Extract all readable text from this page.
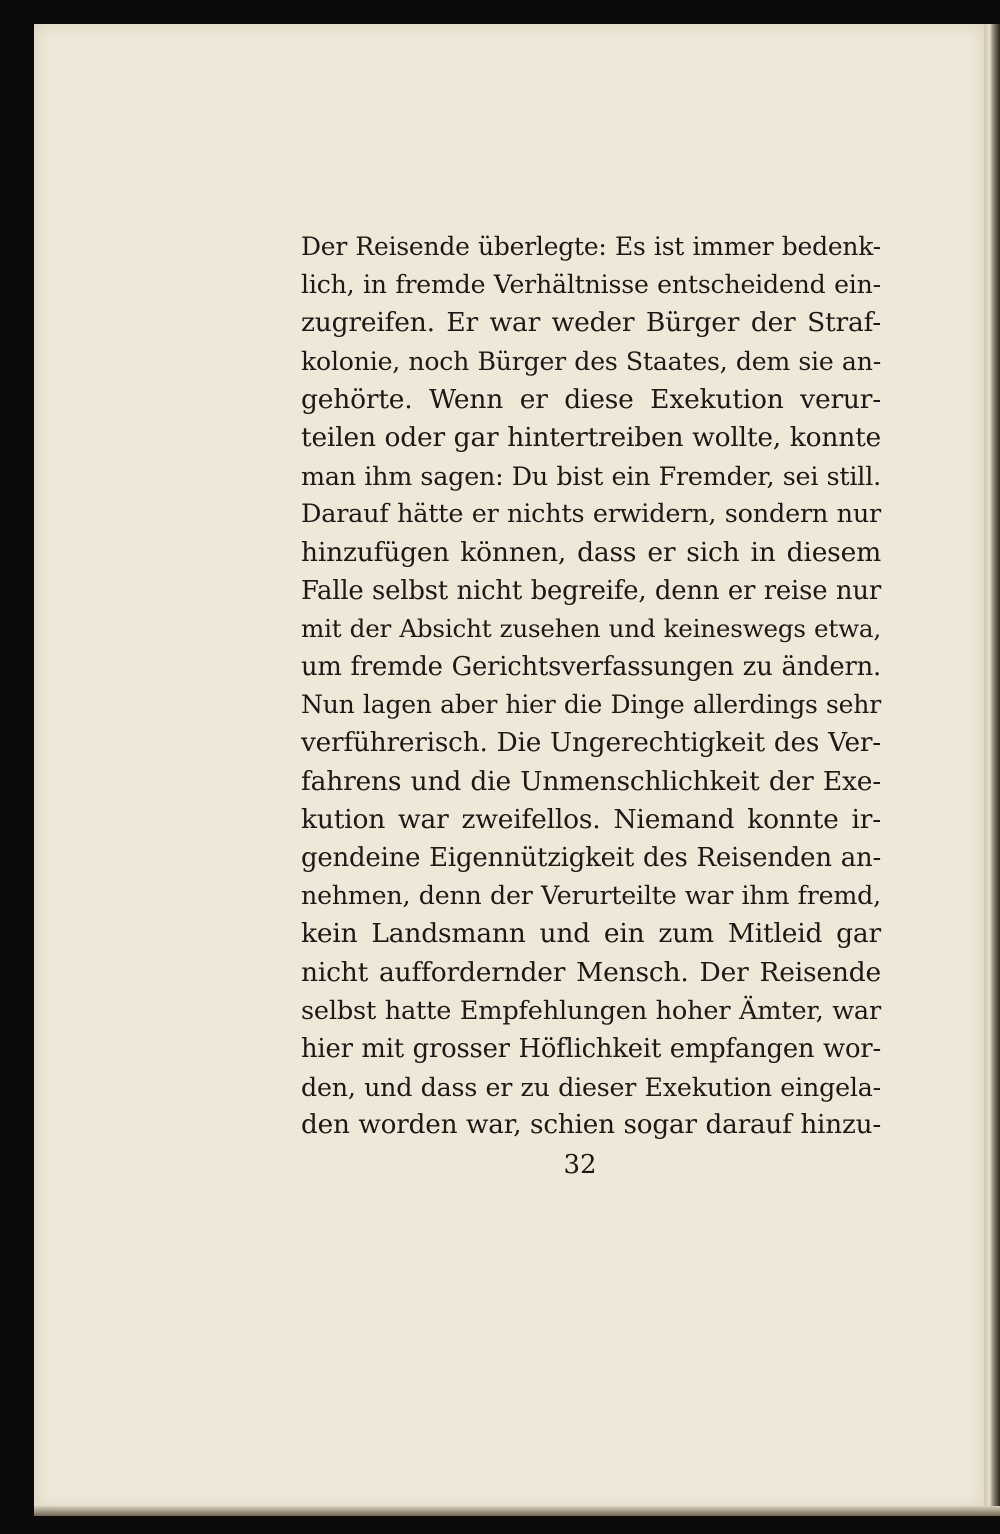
Der Reisende überlegte: Es ist immer bedenk-
lich, in fremde Verhältnisse entscheidend ein-
zugreifen. Er war weder Bürger der Straf-
kolonie, noch Bürger des Staates, dem sie an-
gehörte. Wenn er diese Exekution verur-
teilen oder gar hintertreiben wollte, konnte
man ihm sagen: Du bist ein Fremder, sei still.
Darauf hätte er nichts erwidern, sondern nur
hinzufügen können, dass er sich in diesem
Falle selbst nicht begreife, denn er reise nur
mit der Absicht zusehen und keineswegs etwa,
um fremde Gerichtsverfassungen zu ändern.
Nun lagen aber hier die Dinge allerdings sehr
verführerisch. Die Ungerechtigkeit des Ver-
fahrens und die Unmenschlichkeit der Exe-
kution war zweifellos. Niemand konnte ir-
gendeine Eigennützigkeit des Reisenden an-
nehmen, denn der Verurteilte war ihm fremd,
kein Landsmann und ein zum Mitleid gar
nicht auffordernder Mensch. Der Reisende
selbst hatte Empfehlungen hoher Ämter, war
hier mit grosser Höflichkeit empfangen wor-
den, und dass er zu dieser Exekution eingela-
den worden war, schien sogar darauf hinzu-
32
